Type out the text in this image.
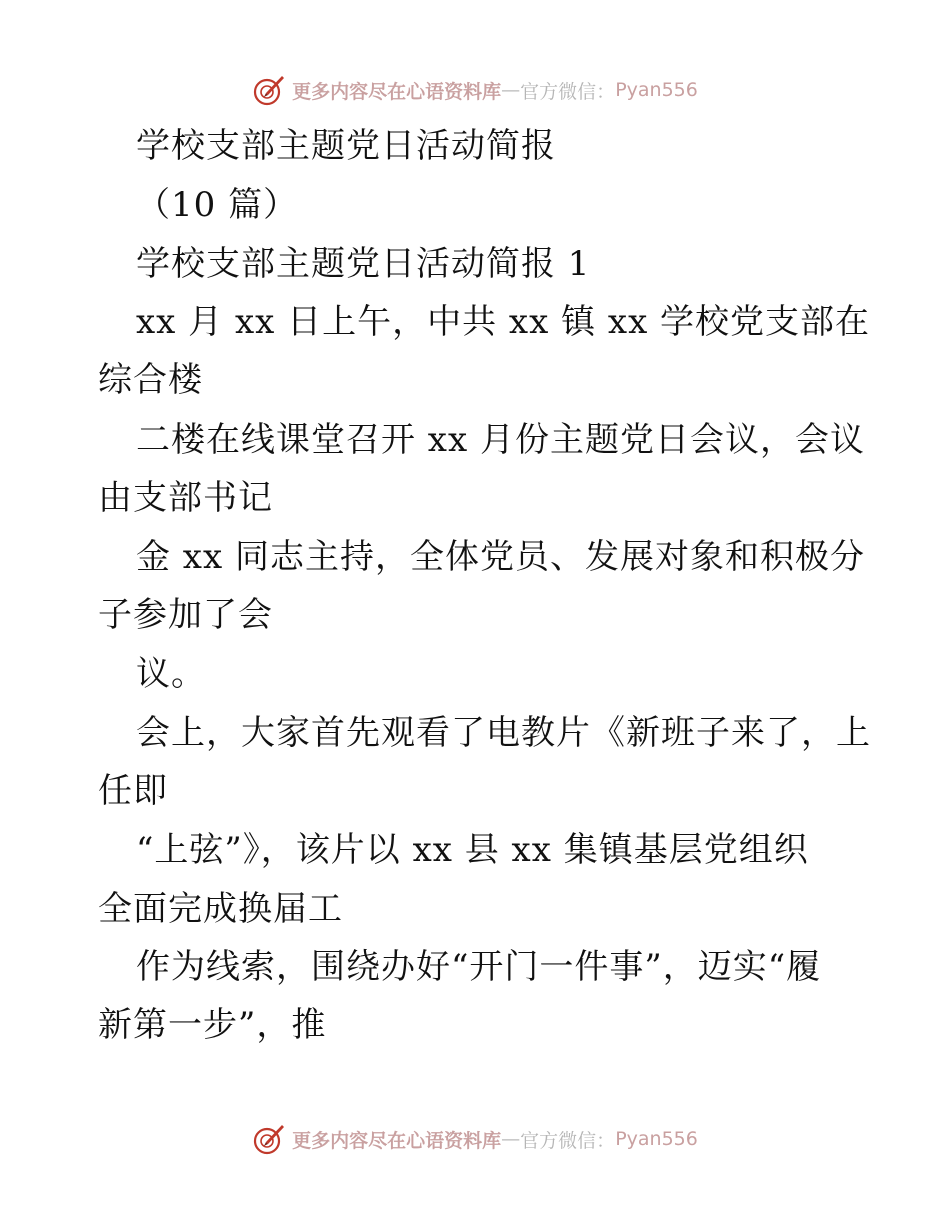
更多内容尽在心语资料库 — 官方微信： Pyan556
学校支部主题党日活动简报
（10 篇）
学校支部主题党日活动简报 1
xx 月 xx 日上午，中共 xx 镇 xx 学校党支部在
综合楼
二楼在线课堂召开 xx 月份主题党日会议，会议
由支部书记
金 xx 同志主持，全体党员、发展对象和积极分
子参加了会
议。
会上，大家首先观看了电教片《新班子来了，上
任即
“上弦”》，该片以 xx 县 xx 集镇基层党组织
全面完成换届工
作为线索，围绕办好“开门一件事”，迈实“履
新第一步”，推
更多内容尽在心语资料库 — 官方微信： Pyan556
